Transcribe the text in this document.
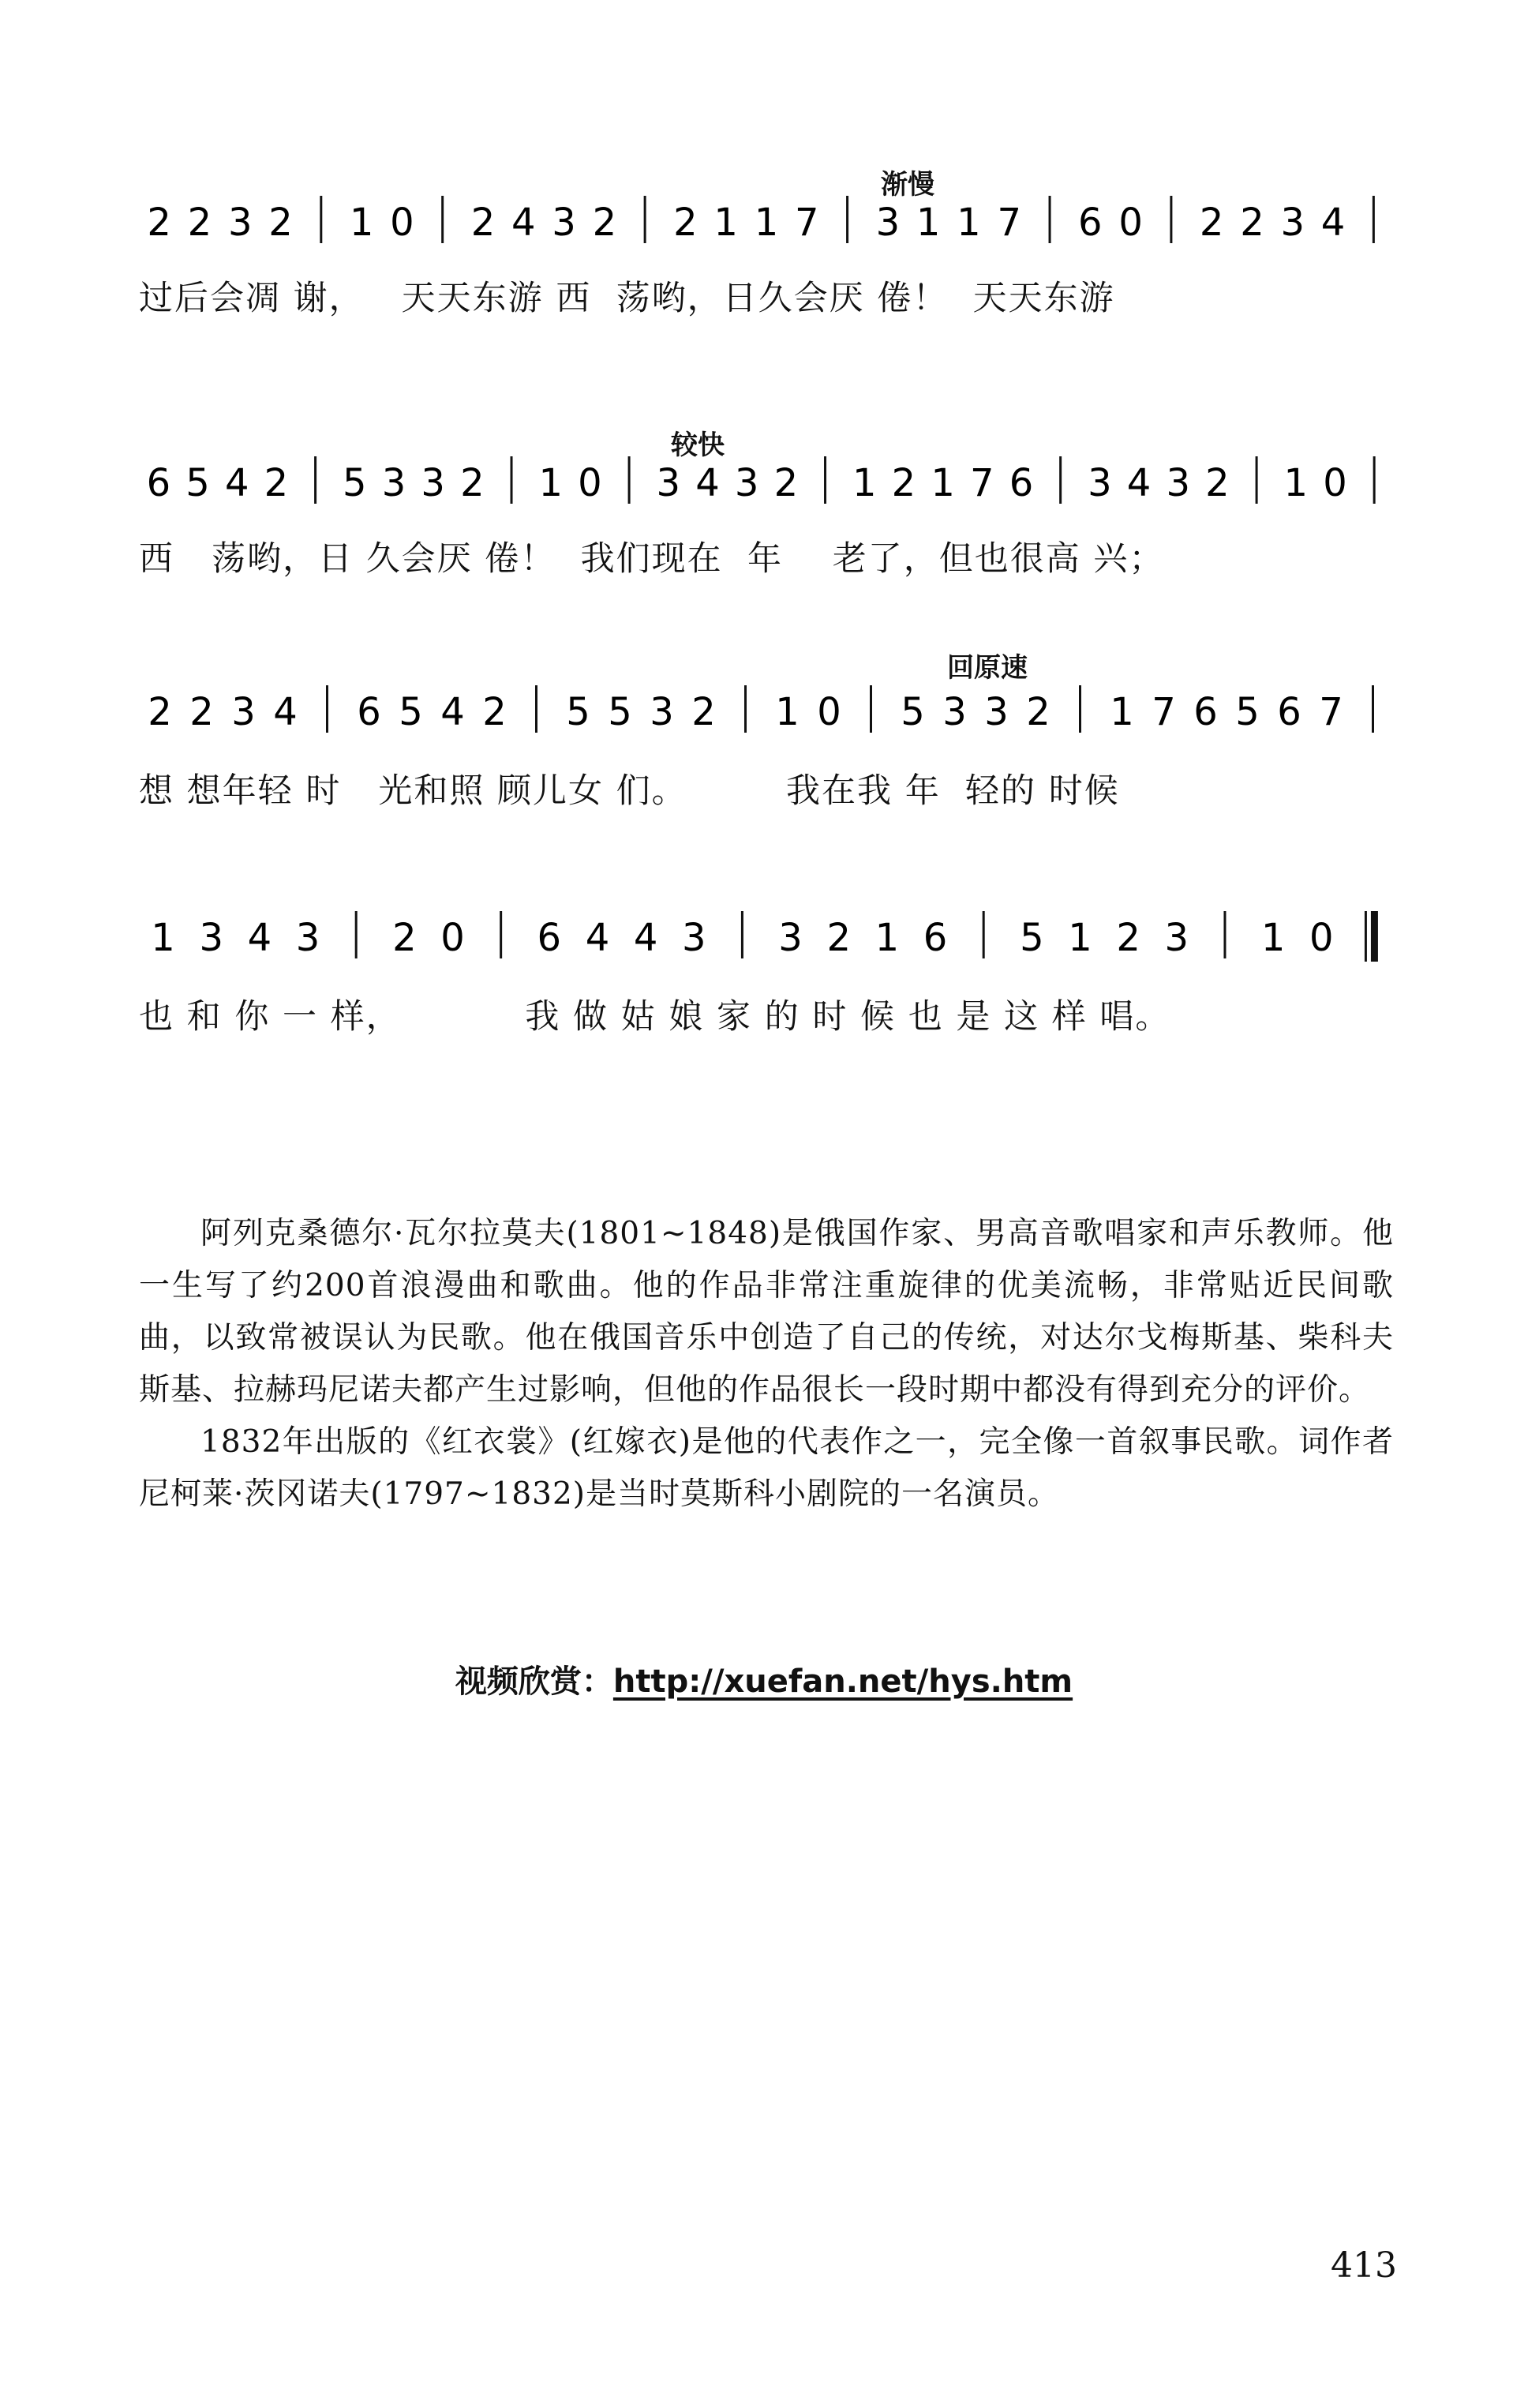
渐慢
较快
回原速
2 2 3 2 1 0 2 4 3 2 2 1 1 7 3 1 1 7 6 0 2 2 3 4
过后会凋 谢，   天天东游 西  荡哟，日久会厌 倦！  天天东游
6 5 4 2 5 3 3 2 1 0 3 4 3 2 1 2 1 7 6 3 4 3 2 1 0
西   荡哟，日 久会厌 倦！  我们现在  年    老了，但也很高 兴；
2 2 3 4 6 5 4 2 5 5 3 2 1 0 5 3 3 2 1 7 6 5 6 7
想 想年轻 时   光和照 顾儿女 们。        我在我 年  轻的 时候
1 3 4 3 2 0 6 4 4 3 3 2 1 6 5 1 2 3 1 0
也 和 你 一 样，          我 做 姑 娘 家 的 时 候 也 是 这 样 唱。

阿列克桑德尔·瓦尔拉莫夫(1801~1848)是俄国作家、男高音歌唱家和声乐教师。他一生写了约200首浪漫曲和歌曲。他的作品非常注重旋律的优美流畅，非常贴近民间歌曲，以致常被误认为民歌。他在俄国音乐中创造了自己的传统，对达尔戈梅斯基、柴科夫斯基、拉赫玛尼诺夫都产生过影响，但他的作品很长一段时期中都没有得到充分的评价。

1832年出版的《红衣裳》(红嫁衣)是他的代表作之一，完全像一首叙事民歌。词作者尼柯莱·茨冈诺夫(1797~1832)是当时莫斯科小剧院的一名演员。

视频欣赏：http://xuefan.net/hys.htm
413
